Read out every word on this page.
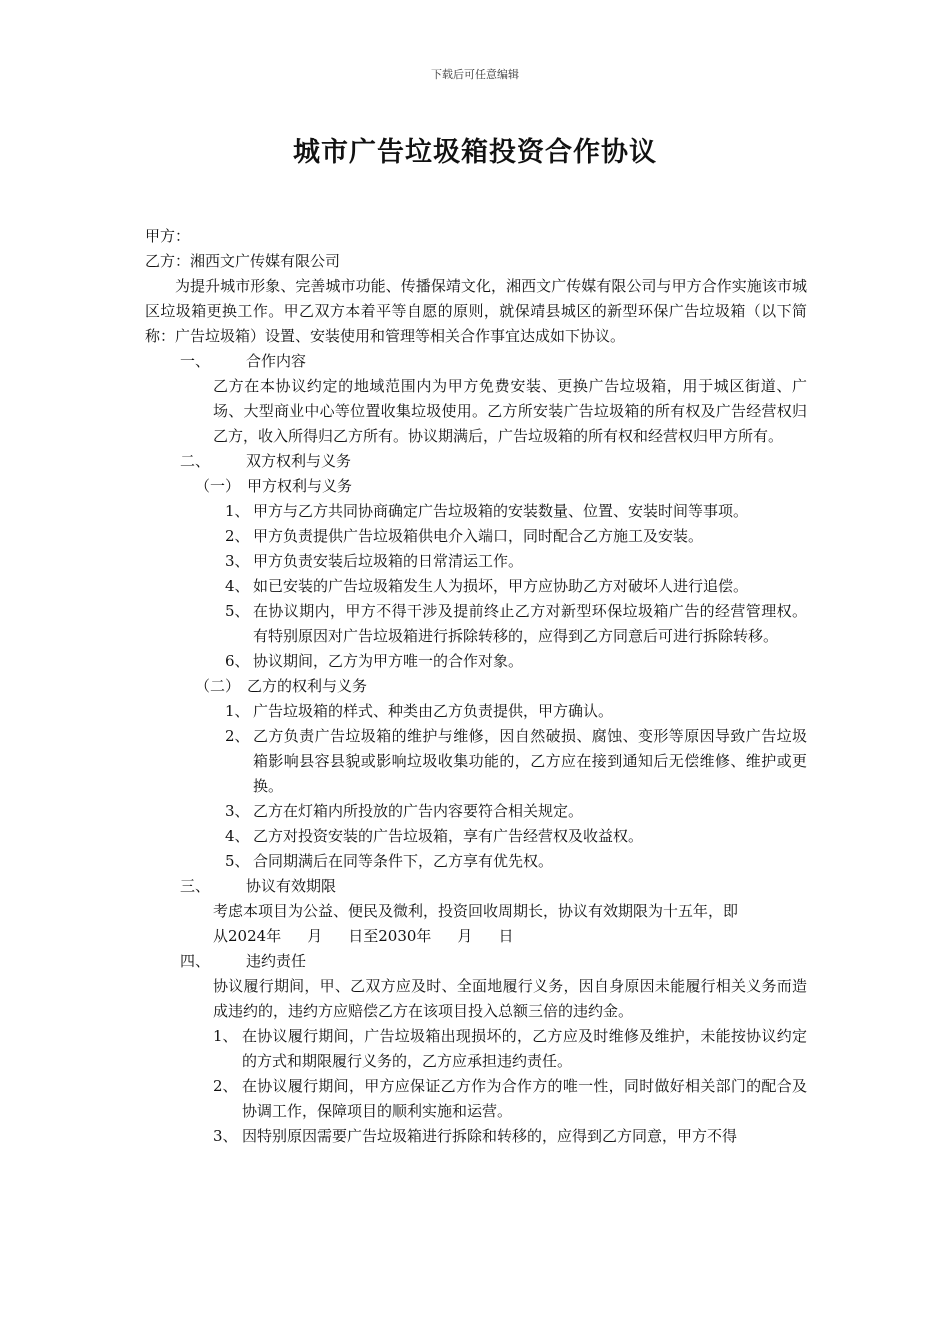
下载后可任意编辑
城市广告垃圾箱投资合作协议
甲方：
乙方：湘西文广传媒有限公司

为提升城市形象、完善城市功能、传播保靖文化，湘西文广传媒有限公司与甲方合作实施该市城区垃圾箱更换工作。甲乙双方本着平等自愿的原则，就保靖县城区的新型环保广告垃圾箱（以下简称：广告垃圾箱）设置、安装使用和管理等相关合作事宜达成如下协议。

一、 合作内容
乙方在本协议约定的地域范围内为甲方免费安装、更换广告垃圾箱，用于城区街道、广场、大型商业中心等位置收集垃圾使用。乙方所安装广告垃圾箱的所有权及广告经营权归乙方，收入所得归乙方所有。协议期满后，广告垃圾箱的所有权和经营权归甲方所有。
二、 双方权利与义务
（一） 甲方权利与义务
1、 甲方与乙方共同协商确定广告垃圾箱的安装数量、位置、安装时间等事项。
2、 甲方负责提供广告垃圾箱供电介入端口，同时配合乙方施工及安装。
3、 甲方负责安装后垃圾箱的日常清运工作。
4、 如已安装的广告垃圾箱发生人为损坏，甲方应协助乙方对破坏人进行追偿。
5、 在协议期内，甲方不得干涉及提前终止乙方对新型环保垃圾箱广告的经营管理权。有特别原因对广告垃圾箱进行拆除转移的，应得到乙方同意后可进行拆除转移。
6、 协议期间，乙方为甲方唯一的合作对象。
（二） 乙方的权利与义务
1、 广告垃圾箱的样式、种类由乙方负责提供，甲方确认。
2、 乙方负责广告垃圾箱的维护与维修，因自然破损、腐蚀、变形等原因导致广告垃圾箱影响县容县貌或影响垃圾收集功能的，乙方应在接到通知后无偿维修、维护或更换。
3、 乙方在灯箱内所投放的广告内容要符合相关规定。
4、 乙方对投资安装的广告垃圾箱，享有广告经营权及收益权。
5、 合同期满后在同等条件下，乙方享有优先权。
三、 协议有效期限
考虑本项目为公益、便民及微利，投资回收周期长，协议有效期限为十五年，即
从2024年 月 日至2030年 月 日
四、 违约责任
协议履行期间，甲、乙双方应及时、全面地履行义务，因自身原因未能履行相关义务而造成违约的，违约方应赔偿乙方在该项目投入总额三倍的违约金。
1、 在协议履行期间，广告垃圾箱出现损坏的，乙方应及时维修及维护，未能按协议约定的方式和期限履行义务的，乙方应承担违约责任。
2、 在协议履行期间，甲方应保证乙方作为合作方的唯一性，同时做好相关部门的配合及协调工作，保障项目的顺利实施和运营。
3、 因特别原因需要广告垃圾箱进行拆除和转移的，应得到乙方同意，甲方不得
